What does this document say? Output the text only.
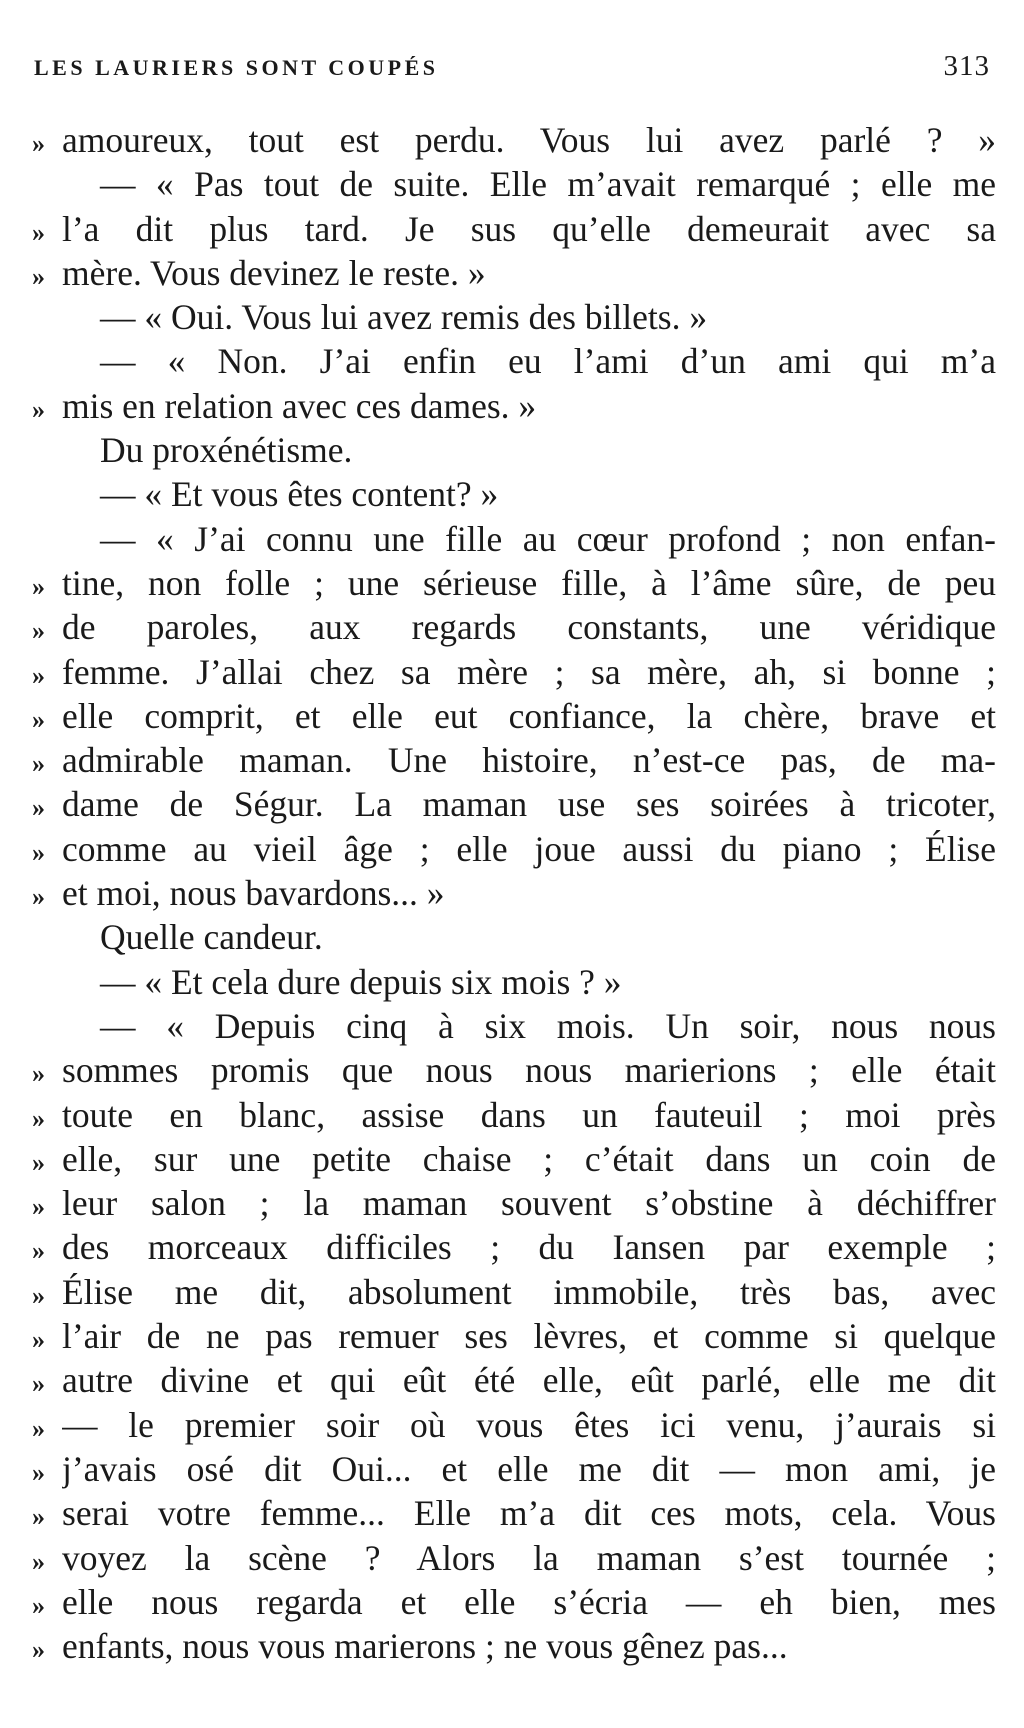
LES LAURIERS SONT COUPÉS	313
» amoureux, tout est perdu. Vous lui avez parlé ? »
— « Pas tout de suite. Elle m’avait remarqué ; elle me
» l’a dit plus tard. Je sus qu’elle demeurait avec sa
» mère. Vous devinez le reste. »
— « Oui. Vous lui avez remis des billets. »
— « Non. J’ai enfin eu l’ami d’un ami qui m’a
» mis en relation avec ces dames. »
Du proxénétisme.
— « Et vous êtes content? »
— « J’ai connu une fille au cœur profond ; non enfan-
» tine, non folle ; une sérieuse fille, à l’âme sûre, de peu
» de paroles, aux regards constants, une véridique
» femme. J’allai chez sa mère ; sa mère, ah, si bonne ;
» elle comprit, et elle eut confiance, la chère, brave et
» admirable maman. Une histoire, n’est-ce pas, de ma-
» dame de Ségur. La maman use ses soirées à tricoter,
» comme au vieil âge ; elle joue aussi du piano ; Élise
» et moi, nous bavardons... »
Quelle candeur.
— « Et cela dure depuis six mois ? »
— « Depuis cinq à six mois. Un soir, nous nous
» sommes promis que nous nous marierions ; elle était
» toute en blanc, assise dans un fauteuil ; moi près
» elle, sur une petite chaise ; c’était dans un coin de
» leur salon ; la maman souvent s’obstine à déchiffrer
» des morceaux difficiles ; du Iansen par exemple ;
» Élise me dit, absolument immobile, très bas, avec
» l’air de ne pas remuer ses lèvres, et comme si quelque
» autre divine et qui eût été elle, eût parlé, elle me dit
» — le premier soir où vous êtes ici venu, j’aurais si
» j’avais osé dit Oui... et elle me dit — mon ami, je
» serai votre femme... Elle m’a dit ces mots, cela. Vous
» voyez la scène ? Alors la maman s’est tournée ;
» elle nous regarda et elle s’écria — eh bien, mes
» enfants, nous vous marierons ; ne vous gênez pas...
